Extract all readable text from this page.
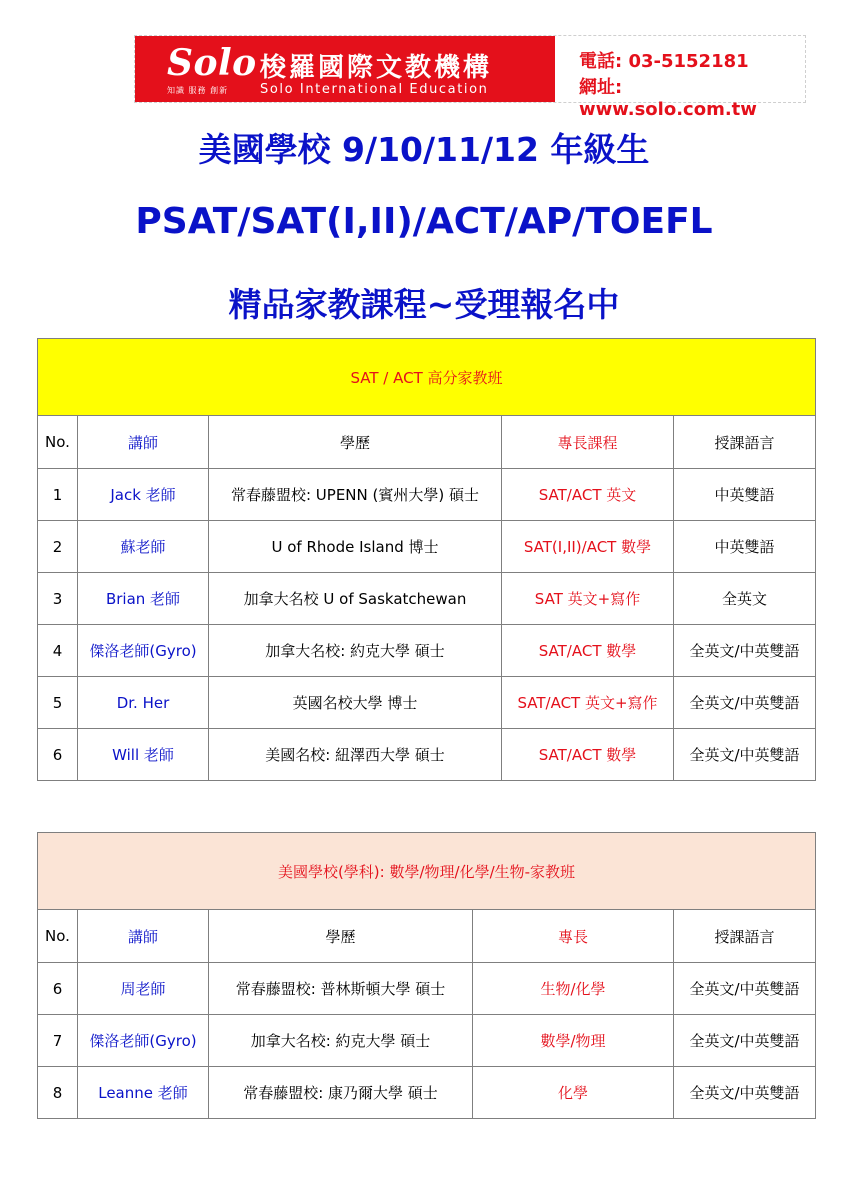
Solo
知識 服務 創新
梭羅國際文教機構
Solo International Education
電話: 03-5152181
網址: www.solo.com.tw
美國學校 9/10/11/12 年級生
PSAT/SAT(I,II)/ACT/AP/TOEFL
精品家教課程~受理報名中
SAT / ACT 高分家教班				
No.	講師	學歷	專長課程	授課語言
1	Jack 老師	常春藤盟校: UPENN (賓州大學) 碩士	SAT/ACT 英文	中英雙語
2	蘇老師	U of Rhode Island 博士	SAT(I,II)/ACT 數學	中英雙語
3	Brian 老師	加拿大名校 U of Saskatchewan	SAT 英文+寫作	全英文
4	傑洛老師(Gyro)	加拿大名校: 約克大學 碩士	SAT/ACT 數學	全英文/中英雙語
5	Dr. Her	英國名校大學 博士	SAT/ACT 英文+寫作	全英文/中英雙語
6	Will 老師	美國名校: 紐澤西大學 碩士	SAT/ACT 數學	全英文/中英雙語
美國學校(學科): 數學/物理/化學/生物-家教班				
No.	講師	學歷	專長	授課語言
6	周老師	常春藤盟校: 普林斯頓大學 碩士	生物/化學	全英文/中英雙語
7	傑洛老師(Gyro)	加拿大名校: 約克大學 碩士	數學/物理	全英文/中英雙語
8	Leanne 老師	常春藤盟校: 康乃爾大學 碩士	化學	全英文/中英雙語
